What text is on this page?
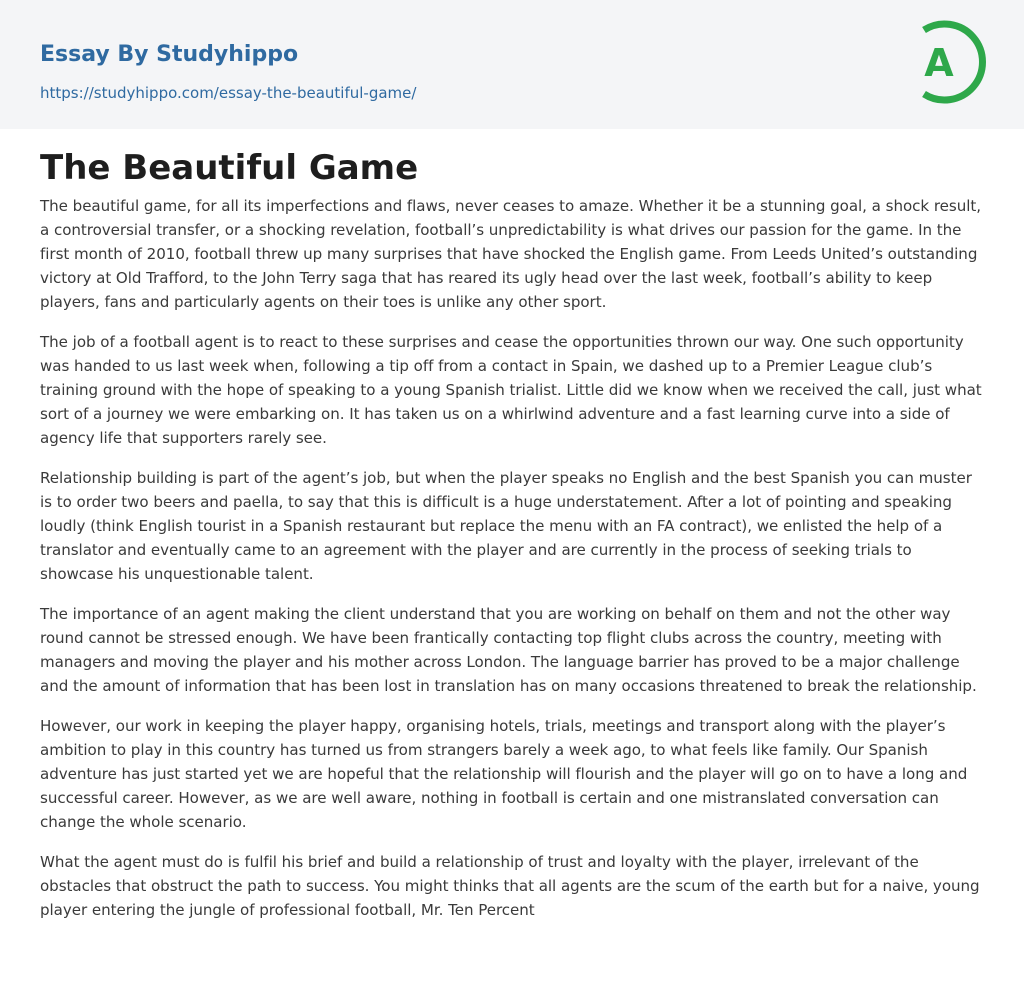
Essay By Studyhippo
https://studyhippo.com/essay-the-beautiful-game/
A
The Beautiful Game

The beautiful game, for all its imperfections and flaws, never ceases to amaze. Whether it be a stunning goal, a shock result, a controversial transfer, or a shocking revelation, football’s unpredictability is what drives our passion for the game. In the first month of 2010, football threw up many surprises that have shocked the English game. From Leeds United’s outstanding victory at Old Trafford, to the John Terry saga that has reared its ugly head over the last week, football’s ability to keep players, fans and particularly agents on their toes is unlike any other sport.

The job of a football agent is to react to these surprises and cease the opportunities thrown our way. One such opportunity was handed to us last week when, following a tip off from a contact in Spain, we dashed up to a Premier League club’s training ground with the hope of speaking to a young Spanish trialist. Little did we know when we received the call, just what sort of a journey we were embarking on. It has taken us on a whirlwind adventure and a fast learning curve into a side of agency life that supporters rarely see.

Relationship building is part of the agent’s job, but when the player speaks no English and the best Spanish you can muster is to order two beers and paella, to say that this is difficult is a huge understatement. After a lot of pointing and speaking loudly (think English tourist in a Spanish restaurant but replace the menu with an FA contract), we enlisted the help of a translator and eventually came to an agreement with the player and are currently in the process of seeking trials to showcase his unquestionable talent.

The importance of an agent making the client understand that you are working on behalf on them and not the other way round cannot be stressed enough. We have been frantically contacting top flight clubs across the country, meeting with managers and moving the player and his mother across London. The language barrier has proved to be a major challenge and the amount of information that has been lost in translation has on many occasions threatened to break the relationship.

However, our work in keeping the player happy, organising hotels, trials, meetings and transport along with the player’s ambition to play in this country has turned us from strangers barely a week ago, to what feels like family. Our Spanish adventure has just started yet we are hopeful that the relationship will flourish and the player will go on to have a long and successful career. However, as we are well aware, nothing in football is certain and one mistranslated conversation can change the whole scenario.

What the agent must do is fulfil his brief and build a relationship of trust and loyalty with the player, irrelevant of the obstacles that obstruct the path to success. You might thinks that all agents are the scum of the earth but for a naive, young player entering the jungle of professional football, Mr. Ten Percent
